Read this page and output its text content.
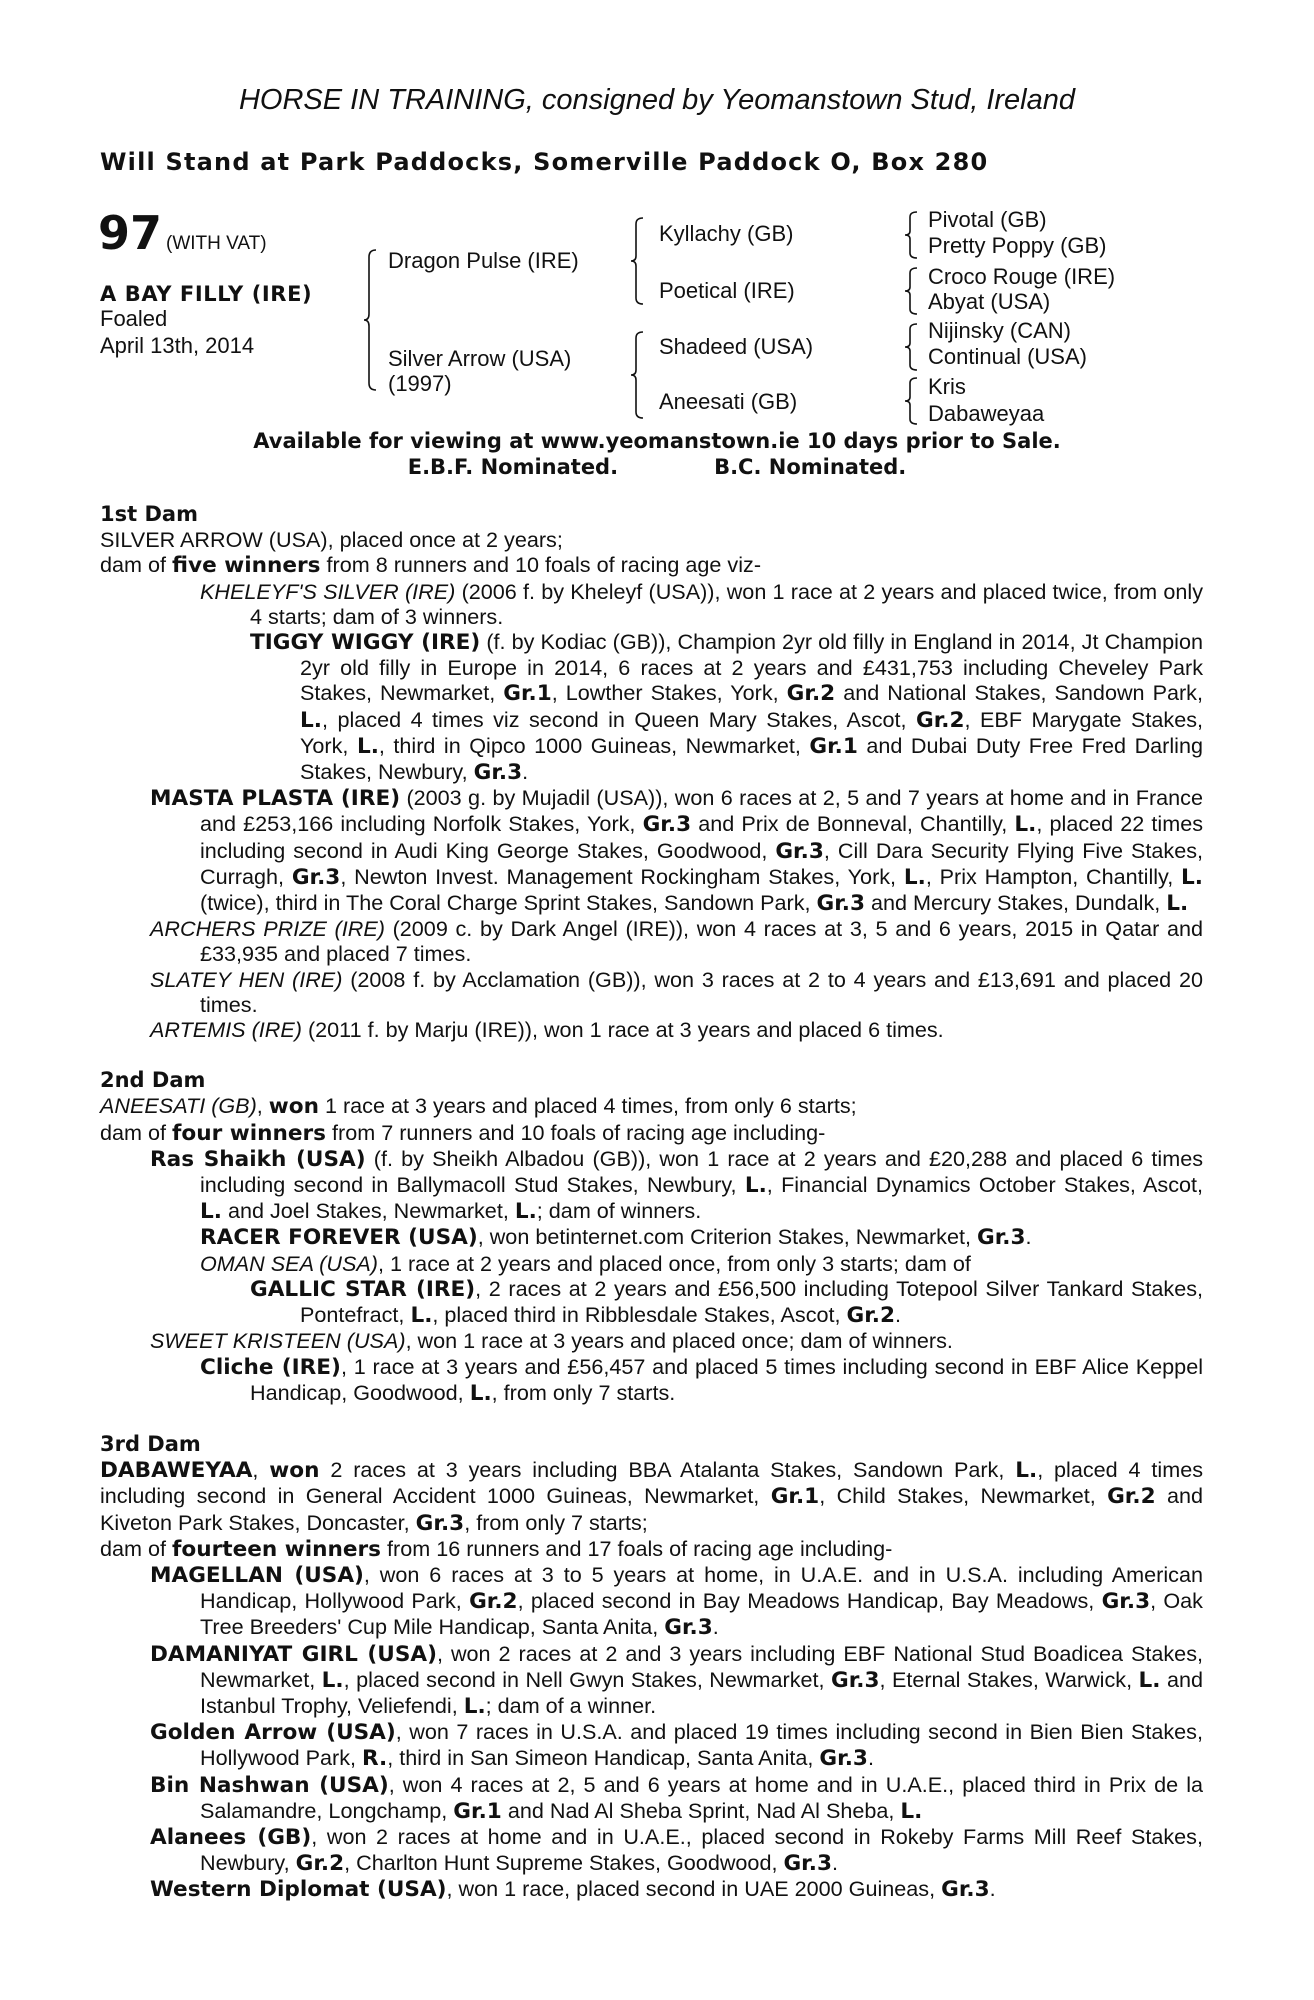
HORSE IN TRAINING, consigned by Yeomanstown Stud, Ireland
Will Stand at Park Paddocks, Somerville Paddock O, Box 280
97 (WITH VAT)
A BAY FILLY (IRE)
Foaled
April 13th, 2014
Dragon Pulse (IRE)
Silver Arrow (USA)
(1997)
Kyllachy (GB)
Poetical (IRE)
Shadeed (USA)
Aneesati (GB)
Pivotal (GB)
Pretty Poppy (GB)
Croco Rouge (IRE)
Abyat (USA)
Nijinsky (CAN)
Continual (USA)
Kris
Dabaweyaa
Available for viewing at www.yeomanstown.ie 10 days prior to Sale.
E.B.F. Nominated.	B.C. Nominated.
1st Dam
SILVER ARROW (USA), placed once at 2 years;
dam of five winners from 8 runners and 10 foals of racing age viz-
KHELEYF'S SILVER (IRE) (2006 f. by Kheleyf (USA)), won 1 race at 2 years and placed twice, from only 4 starts; dam of 3 winners.
TIGGY WIGGY (IRE) (f. by Kodiac (GB)), Champion 2yr old filly in England in 2014, Jt Champion 2yr old filly in Europe in 2014, 6 races at 2 years and £431,753 including Cheveley Park Stakes, Newmarket, Gr.1, Lowther Stakes, York, Gr.2 and National Stakes, Sandown Park, L., placed 4 times viz second in Queen Mary Stakes, Ascot, Gr.2, EBF Marygate Stakes, York, L., third in Qipco 1000 Guineas, Newmarket, Gr.1 and Dubai Duty Free Fred Darling Stakes, Newbury, Gr.3.
MASTA PLASTA (IRE) (2003 g. by Mujadil (USA)), won 6 races at 2, 5 and 7 years at home and in France and £253,166 including Norfolk Stakes, York, Gr.3 and Prix de Bonneval, Chantilly, L., placed 22 times including second in Audi King George Stakes, Goodwood, Gr.3, Cill Dara Security Flying Five Stakes, Curragh, Gr.3, Newton Invest. Management Rockingham Stakes, York, L., Prix Hampton, Chantilly, L. (twice), third in The Coral Charge Sprint Stakes, Sandown Park, Gr.3 and Mercury Stakes, Dundalk, L.
ARCHERS PRIZE (IRE) (2009 c. by Dark Angel (IRE)), won 4 races at 3, 5 and 6 years, 2015 in Qatar and £33,935 and placed 7 times.
SLATEY HEN (IRE) (2008 f. by Acclamation (GB)), won 3 races at 2 to 4 years and £13,691 and placed 20 times.
ARTEMIS (IRE) (2011 f. by Marju (IRE)), won 1 race at 3 years and placed 6 times.
2nd Dam
ANEESATI (GB), won 1 race at 3 years and placed 4 times, from only 6 starts;
dam of four winners from 7 runners and 10 foals of racing age including-
Ras Shaikh (USA) (f. by Sheikh Albadou (GB)), won 1 race at 2 years and £20,288 and placed 6 times including second in Ballymacoll Stud Stakes, Newbury, L., Financial Dynamics October Stakes, Ascot, L. and Joel Stakes, Newmarket, L.; dam of winners.
RACER FOREVER (USA), won betinternet.com Criterion Stakes, Newmarket, Gr.3.
OMAN SEA (USA), 1 race at 2 years and placed once, from only 3 starts; dam of
GALLIC STAR (IRE), 2 races at 2 years and £56,500 including Totepool Silver Tankard Stakes, Pontefract, L., placed third in Ribblesdale Stakes, Ascot, Gr.2.
SWEET KRISTEEN (USA), won 1 race at 3 years and placed once; dam of winners.
Cliche (IRE), 1 race at 3 years and £56,457 and placed 5 times including second in EBF Alice Keppel Handicap, Goodwood, L., from only 7 starts.
3rd Dam
DABAWEYAA, won 2 races at 3 years including BBA Atalanta Stakes, Sandown Park, L., placed 4 times including second in General Accident 1000 Guineas, Newmarket, Gr.1, Child Stakes, Newmarket, Gr.2 and Kiveton Park Stakes, Doncaster, Gr.3, from only 7 starts;
dam of fourteen winners from 16 runners and 17 foals of racing age including-
MAGELLAN (USA), won 6 races at 3 to 5 years at home, in U.A.E. and in U.S.A. including American Handicap, Hollywood Park, Gr.2, placed second in Bay Meadows Handicap, Bay Meadows, Gr.3, Oak Tree Breeders' Cup Mile Handicap, Santa Anita, Gr.3.
DAMANIYAT GIRL (USA), won 2 races at 2 and 3 years including EBF National Stud Boadicea Stakes, Newmarket, L., placed second in Nell Gwyn Stakes, Newmarket, Gr.3, Eternal Stakes, Warwick, L. and Istanbul Trophy, Veliefendi, L.; dam of a winner.
Golden Arrow (USA), won 7 races in U.S.A. and placed 19 times including second in Bien Bien Stakes, Hollywood Park, R., third in San Simeon Handicap, Santa Anita, Gr.3.
Bin Nashwan (USA), won 4 races at 2, 5 and 6 years at home and in U.A.E., placed third in Prix de la Salamandre, Longchamp, Gr.1 and Nad Al Sheba Sprint, Nad Al Sheba, L.
Alanees (GB), won 2 races at home and in U.A.E., placed second in Rokeby Farms Mill Reef Stakes, Newbury, Gr.2, Charlton Hunt Supreme Stakes, Goodwood, Gr.3.
Western Diplomat (USA), won 1 race, placed second in UAE 2000 Guineas, Gr.3.
